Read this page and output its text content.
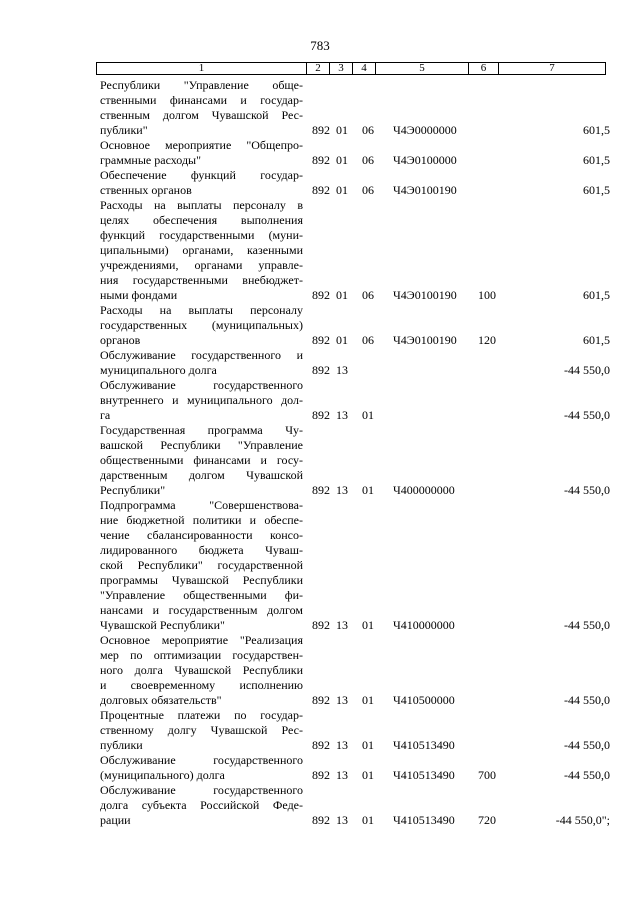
783
1	2	3	4	5	6	7
Республики "Управление обще-
ственными финансами и государ-
ственным долгом Чувашской Рес-
публики"	892 01 06 Ч4Э0000000	601,5
Основное мероприятие "Общепро-
граммные расходы"	892 01 06 Ч4Э0100000	601,5
Обеспечение функций государ-
ственных органов	892 01 06 Ч4Э0100190	601,5
Расходы на выплаты персоналу в
целях обеспечения выполнения
функций государственными (муни-
ципальными) органами, казенными
учреждениями, органами управле-
ния государственными внебюджет-
ными фондами	892 01 06 Ч4Э0100190 100	601,5
Расходы на выплаты персоналу
государственных (муниципальных)
органов	892 01 06 Ч4Э0100190 120	601,5
Обслуживание государственного и
муниципального долга	892 13	-44 550,0
Обслуживание государственного
внутреннего и муниципального дол-
га	892 13 01	-44 550,0
Государственная программа Чу-
вашской Республики "Управление
общественными финансами и госу-
дарственным долгом Чувашской
Республики"	892 13 01 Ч400000000	-44 550,0
Подпрограмма "Совершенствова-
ние бюджетной политики и обеспе-
чение сбалансированности консо-
лидированного бюджета Чуваш-
ской Республики" государственной
программы Чувашской Республики
"Управление общественными фи-
нансами и государственным долгом
Чувашской Республики"	892 13 01 Ч410000000	-44 550,0
Основное мероприятие "Реализация
мер по оптимизации государствен-
ного долга Чувашской Республики
и своевременному исполнению
долговых обязательств"	892 13 01 Ч410500000	-44 550,0
Процентные платежи по государ-
ственному долгу Чувашской Рес-
публики	892 13 01 Ч410513490	-44 550,0
Обслуживание государственного
(муниципального) долга	892 13 01 Ч410513490 700	-44 550,0
Обслуживание государственного
долга субъекта Российской Феде-
рации	892 13 01 Ч410513490 720	-44 550,0";
